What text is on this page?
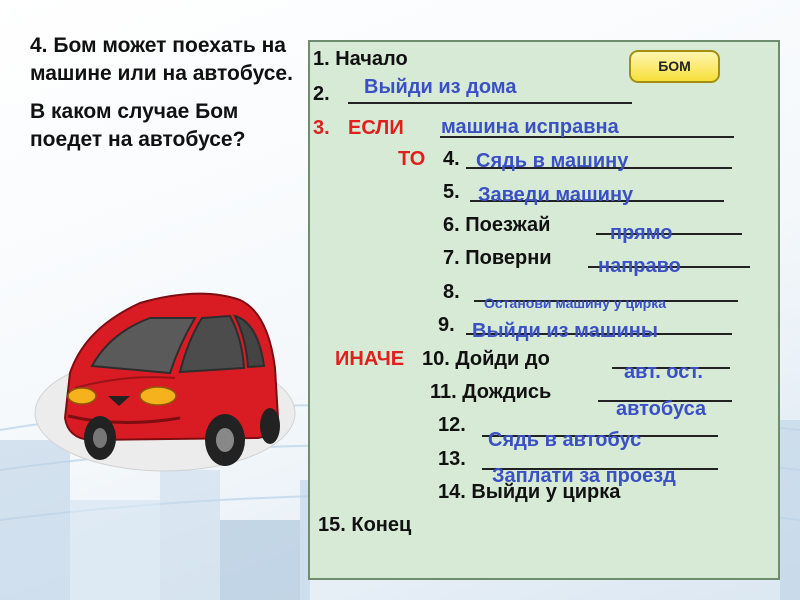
4. Бом может поехать на машине или на автобусе.

В каком случае Бом поедет на автобусе?

БОМ
1. Начало
2.
3. ЕСЛИ
ТО 4.
5.
6. Поезжай
7. Поверни
8.
9.
ИНАЧЕ 10. Дойди до
11. Дождись
12.
13.
14. Выйди у цирка
15. Конец
Выйди из дома
машина исправна
Сядь в машину
Заведи машину
прямо
направо
Останови машину у цирка
Выйди из машины
авт. ост.
автобуса
Сядь в автобус
Заплати за проезд
